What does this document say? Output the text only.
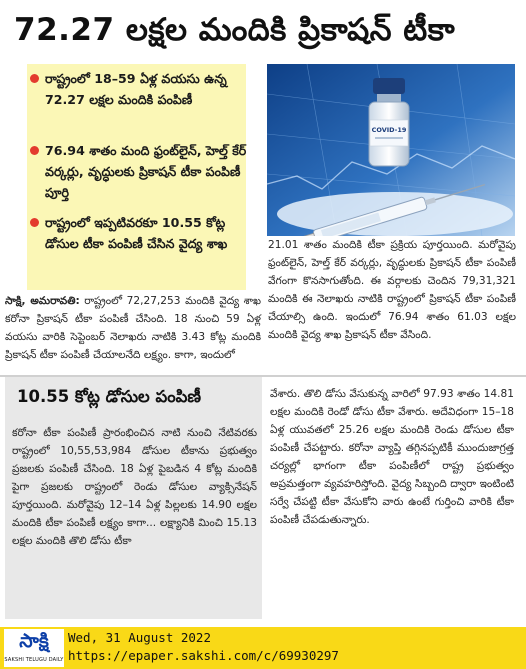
72.27 లక్షల మందికి ప్రికాషన్ టీకా
రాష్ట్రంలో 18–59 ఏళ్ల వయసు ఉన్న 72.27 లక్షల మందికి పంపిణీ
76.94 శాతం మంది ఫ్రంట్‌లైన్, హెల్త్ కేర్ వర్కర్లు, వృద్ధులకు ప్రికాషన్ టీకా పంపిణీ పూర్తి
రాష్ట్రంలో ఇప్పటివరకూ 10.55 కోట్ల డోసుల టీకా పంపిణీ చేసిన వైద్య శాఖ
COVID-19
21.01 శాతం మందికి టీకా ప్రక్రియ పూర్తయింది. మరోవైపు ఫ్రంట్‌లైన్, హెల్త్ కేర్ వర్కర్లు, వృద్ధులకు ప్రికాషన్ టీకా పంపిణీ వేగంగా కొనసాగుతోంది. ఈ వర్గాలకు చెందిన 79,31,321 మందికి ఈ నెలాఖరు నాటికి రాష్ట్రంలో ప్రికాషన్ టీకా పంపిణీ చేయాల్సి ఉంది. ఇందులో 76.94 శాతం 61.03 లక్షల మందికి వైద్య శాఖ ప్రికాషన్ టీకా వేసింది.
సాక్షి, అమరావతి: రాష్ట్రంలో 72,27,253 మందికి వైద్య శాఖ కరోనా ప్రికాషన్ టీకా పంపిణీ చేసింది. 18 నుంచి 59 ఏళ్ల వయసు వారికి సెప్టెంబర్ నెలాఖరు నాటికి 3.43 కోట్ల మందికి ప్రికాషన్ టీకా పంపిణీ చేయాలనేది లక్ష్యం. కాగా, ఇందులో
10.55 కోట్ల డోసుల పంపిణీ
కరోనా టీకా పంపిణీ ప్రారంభించిన నాటి నుంచి నేటివరకు రాష్ట్రంలో 10,55,53,984 డోసుల టీకాను ప్రభుత్వం ప్రజలకు పంపిణీ చేసింది. 18 ఏళ్ల పైబడిన 4 కోట్ల మందికి పైగా ప్రజలకు రాష్ట్రంలో రెండు డోసుల వ్యాక్సినేషన్ పూర్తయింది. మరోవైపు 12–14 ఏళ్ల పిల్లలకు 14.90 లక్షల మందికి టీకా పంపిణీ లక్ష్యం కాగా... లక్ష్యానికి మించి 15.13 లక్షల మందికి తొలి డోసు టీకా
వేశారు. తొలి డోసు వేసుకున్న వారిలో 97.93 శాతం 14.81 లక్షల మందికి రెండో డోసు టీకా వేశారు. అదేవిధంగా 15–18 ఏళ్ల యువతలో 25.26 లక్షల మందికి రెండు డోసుల టీకా పంపిణీ చేపట్టారు. కరోనా వ్యాప్తి తగ్గినప్పటికీ ముందుజాగ్రత్త చర్యల్లో భాగంగా టీకా పంపిణీలో రాష్ట్ర ప్రభుత్వం అప్రమత్తంగా వ్యవహరిస్తోంది. వైద్య సిబ్బంది ద్వారా ఇంటింటి సర్వే చేపట్టి టీకా వేసుకోని వారు ఉంటే గుర్తించి వారికి టీకా పంపిణీ చేపడుతున్నారు.
సాక్షి
SAKSHI TELUGU DAILY
Wed, 31 August 2022
https://epaper.sakshi.com/c/69930297
